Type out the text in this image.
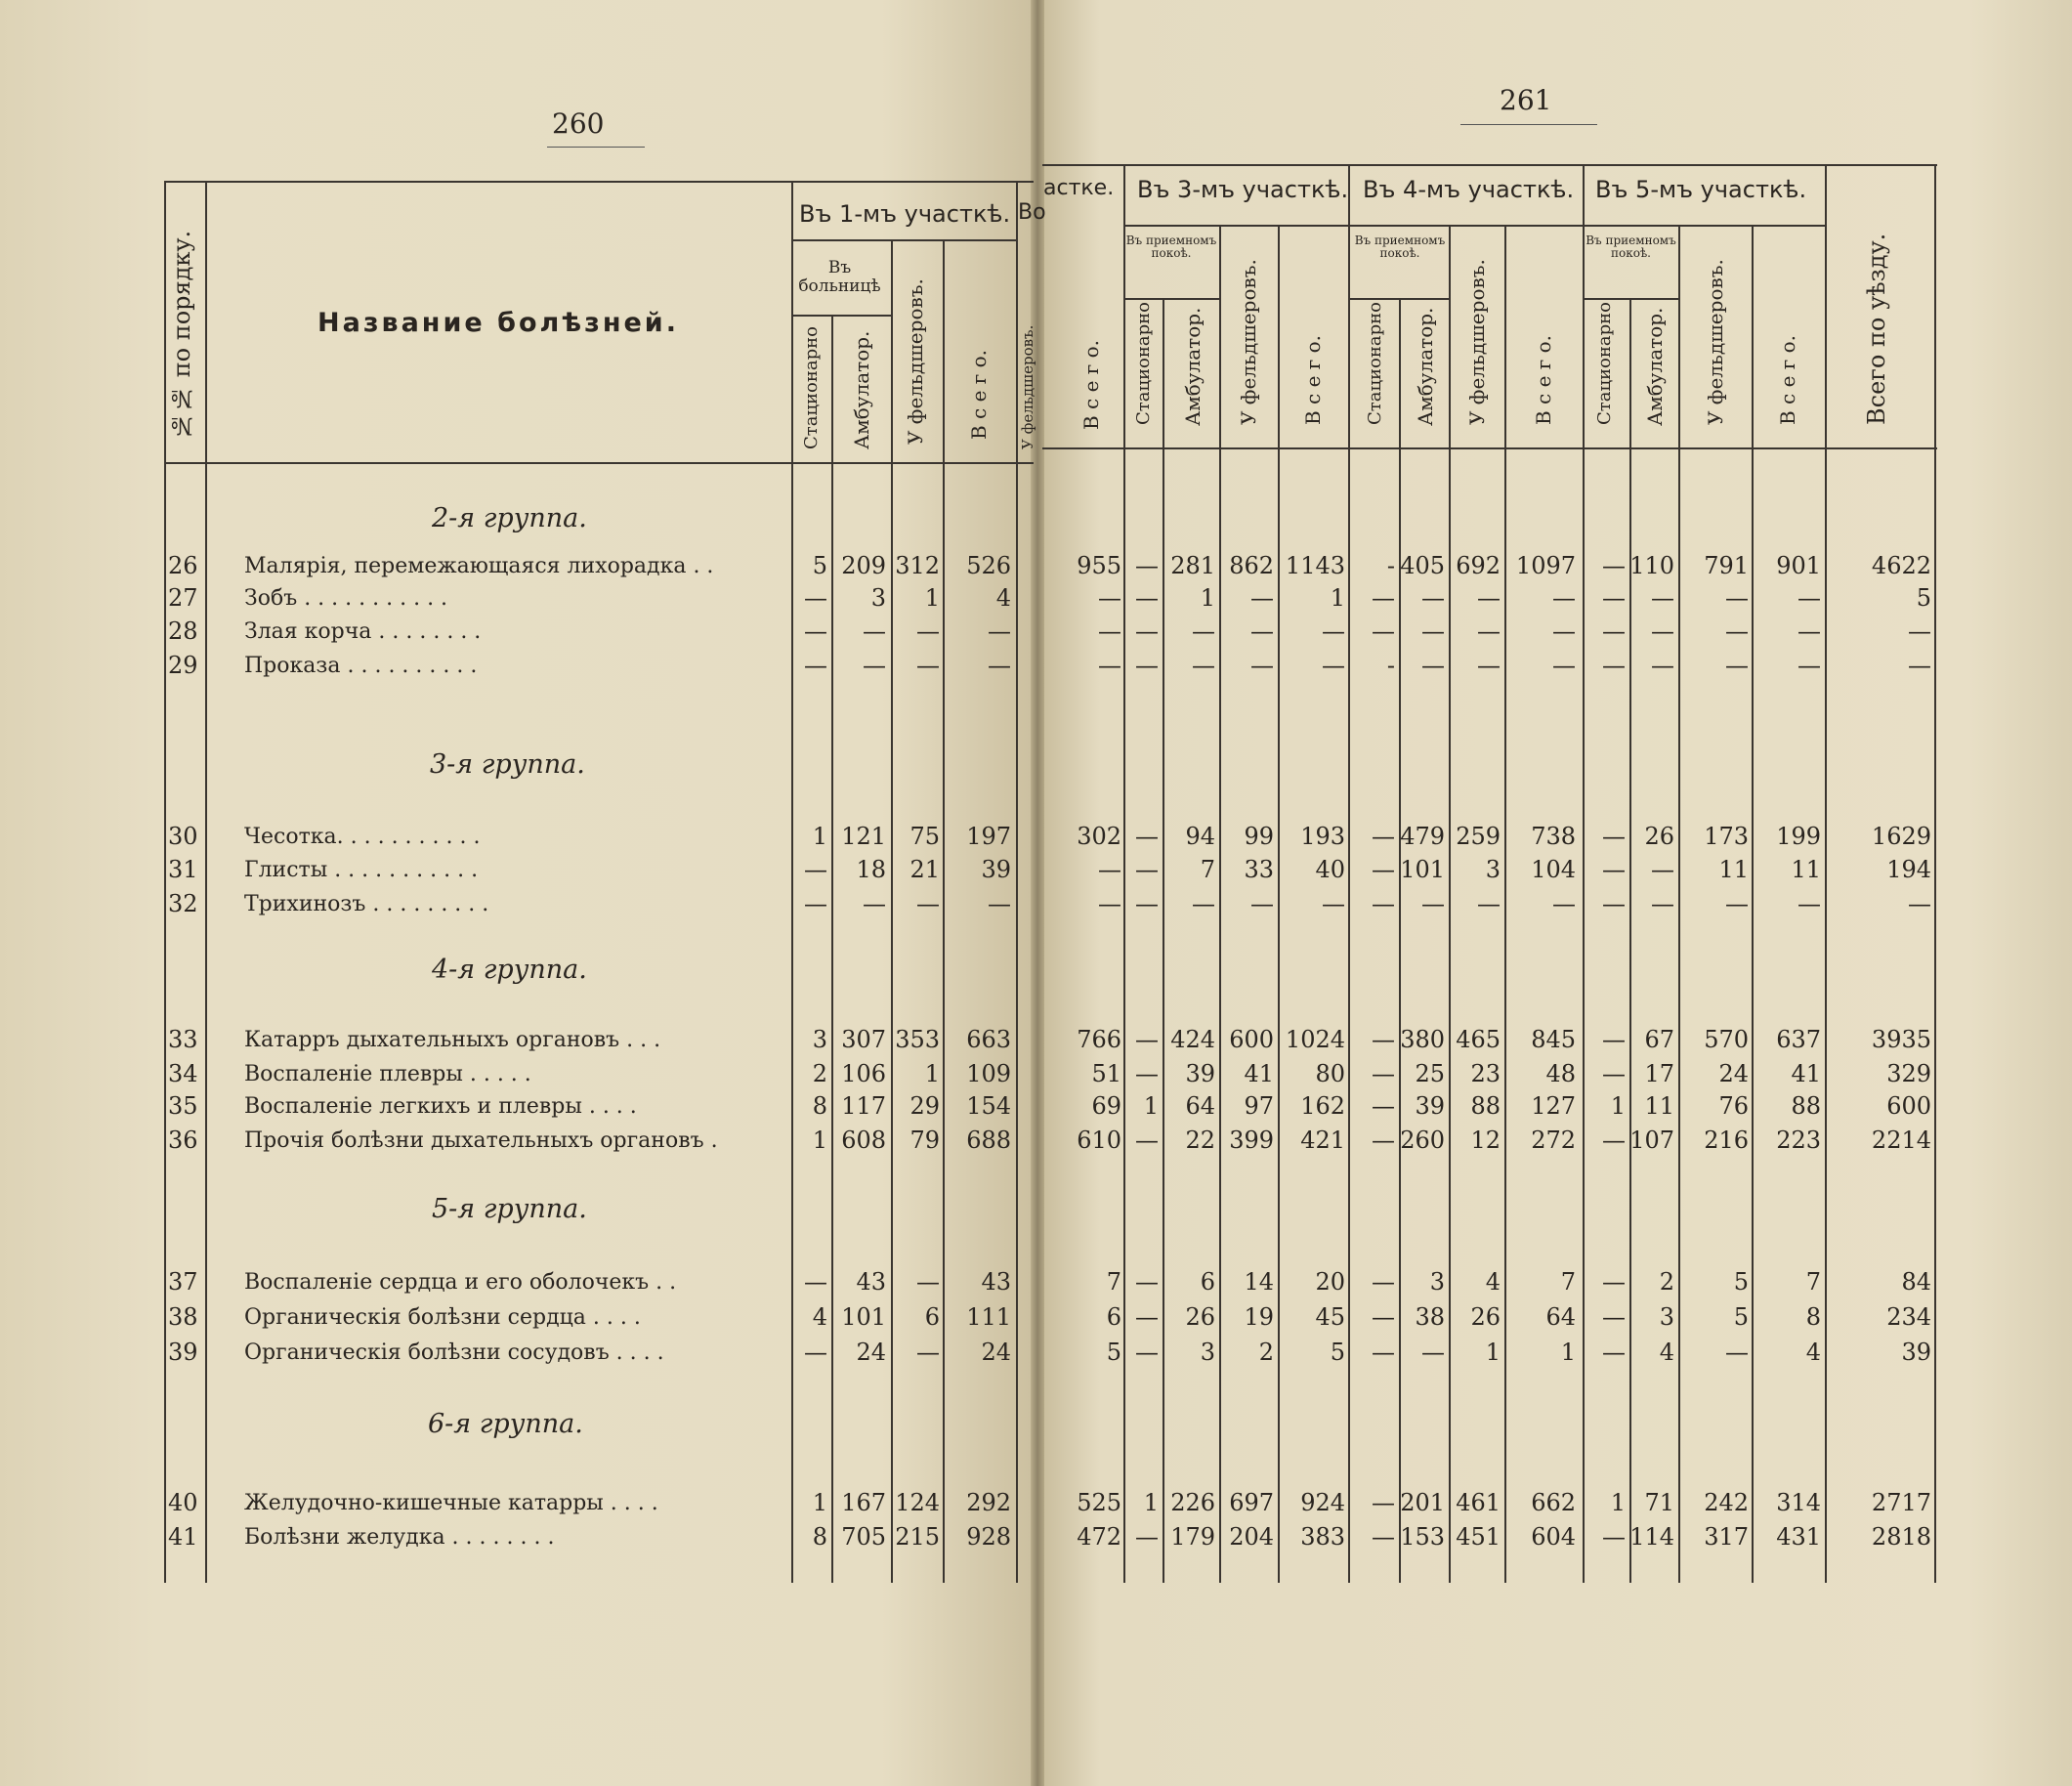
260
261
№№ по порядку.	Название болѣзней.
Въ 1-мъ участкѣ. Во
Въ больницѣ
Стационарно Амбулатор. У фельдшеровъ. В с е г о. У фельдшеровъ.
астке.
В с е г о.
Въ 3-мъ участкѣ. Въ 4-мъ участкѣ. Въ 5-мъ участкѣ.
Въ приемномъ покоѣ.
Въ приемномъ покоѣ.
Въ приемномъ покоѣ.
Стационарно Амбулатор. У фельдшеровъ. В с е г о. Стационарно Амбулатор. У фельдшеровъ. В с е г о. Стационарно Амбулатор. У фельдшеровъ.	В с е г о.	Всего по уѣзду.
2-я группа.
3-я группа.
4-я группа.
5-я группа.
6-я группа.
26 Малярія, перемежающаяся лихорадка . .	5 209 312	526	955 — 281 862 1143	- 405 692 1097	— 110	791	901	4622
27 Зобъ . . . . . . . . . . .	—	3	1	4	— —	1	—	1	—	—	—	—	—	—	—	—	5
28 Злая корча . . . . . . . .	—	—	—	—	— —	—	—	—	—	—	—	—	—	—	—	—	—
29 Проказа . . . . . . . . . .	—	—	—	—	— —	—	—	—	-	—	—	—	—	—	—	—	—
30 Чесотка. . . . . . . . . . .	1 121	75	197	302 —	94	99	193	— 479 259	738	— 26	173	199	1629
31 Глисты . . . . . . . . . . .	—	18	21	39	— —	7	33	40	— 101	3	104	—	—	11	11	194
32 Трихинозъ . . . . . . . . .	—	—	—	—	— —	—	—	—	—	—	—	—	—	—	—	—	—
33 Катарръ дыхательныхъ органовъ . . .	3 307 353	663	766 — 424 600 1024	— 380 465	845	— 67	570	637	3935
34 Воспаленіе плевры . . . . .	2 106	1	109	51 —	39	41	80	— 25	23	48	— 17	24	41	329
35 Воспаленіе легкихъ и плевры . . . .	8 117	29	154	69 1	64	97	162	— 39	88	127	1 11	76	88	600
36 Прочія болѣзни дыхательныхъ органовъ .	1 608	79	688	610 —	22 399	421	— 260	12	272	— 107	216	223	2214
37 Воспаленіе сердца и его оболочекъ . .	—	43	—	43	7 —	6	14	20	—	3	4	7	—	2	5	7	84
38 Органическія болѣзни сердца . . . .	4 101	6	111	6 —	26	19	45	— 38	26	64	—	3	5	8	234
39 Органическія болѣзни сосудовъ . . . .	—	24	—	24	5 —	3	2	5	—	—	1	1	—	4	—	4	39
40 Желудочно-кишечные катарры . . . .	1 167 124	292	525 1 226 697	924	— 201 461	662	1 71	242	314	2717
41 Болѣзни желудка . . . . . . . .	8 705 215	928	472 — 179 204	383	— 153 451	604	— 114	317	431	2818
